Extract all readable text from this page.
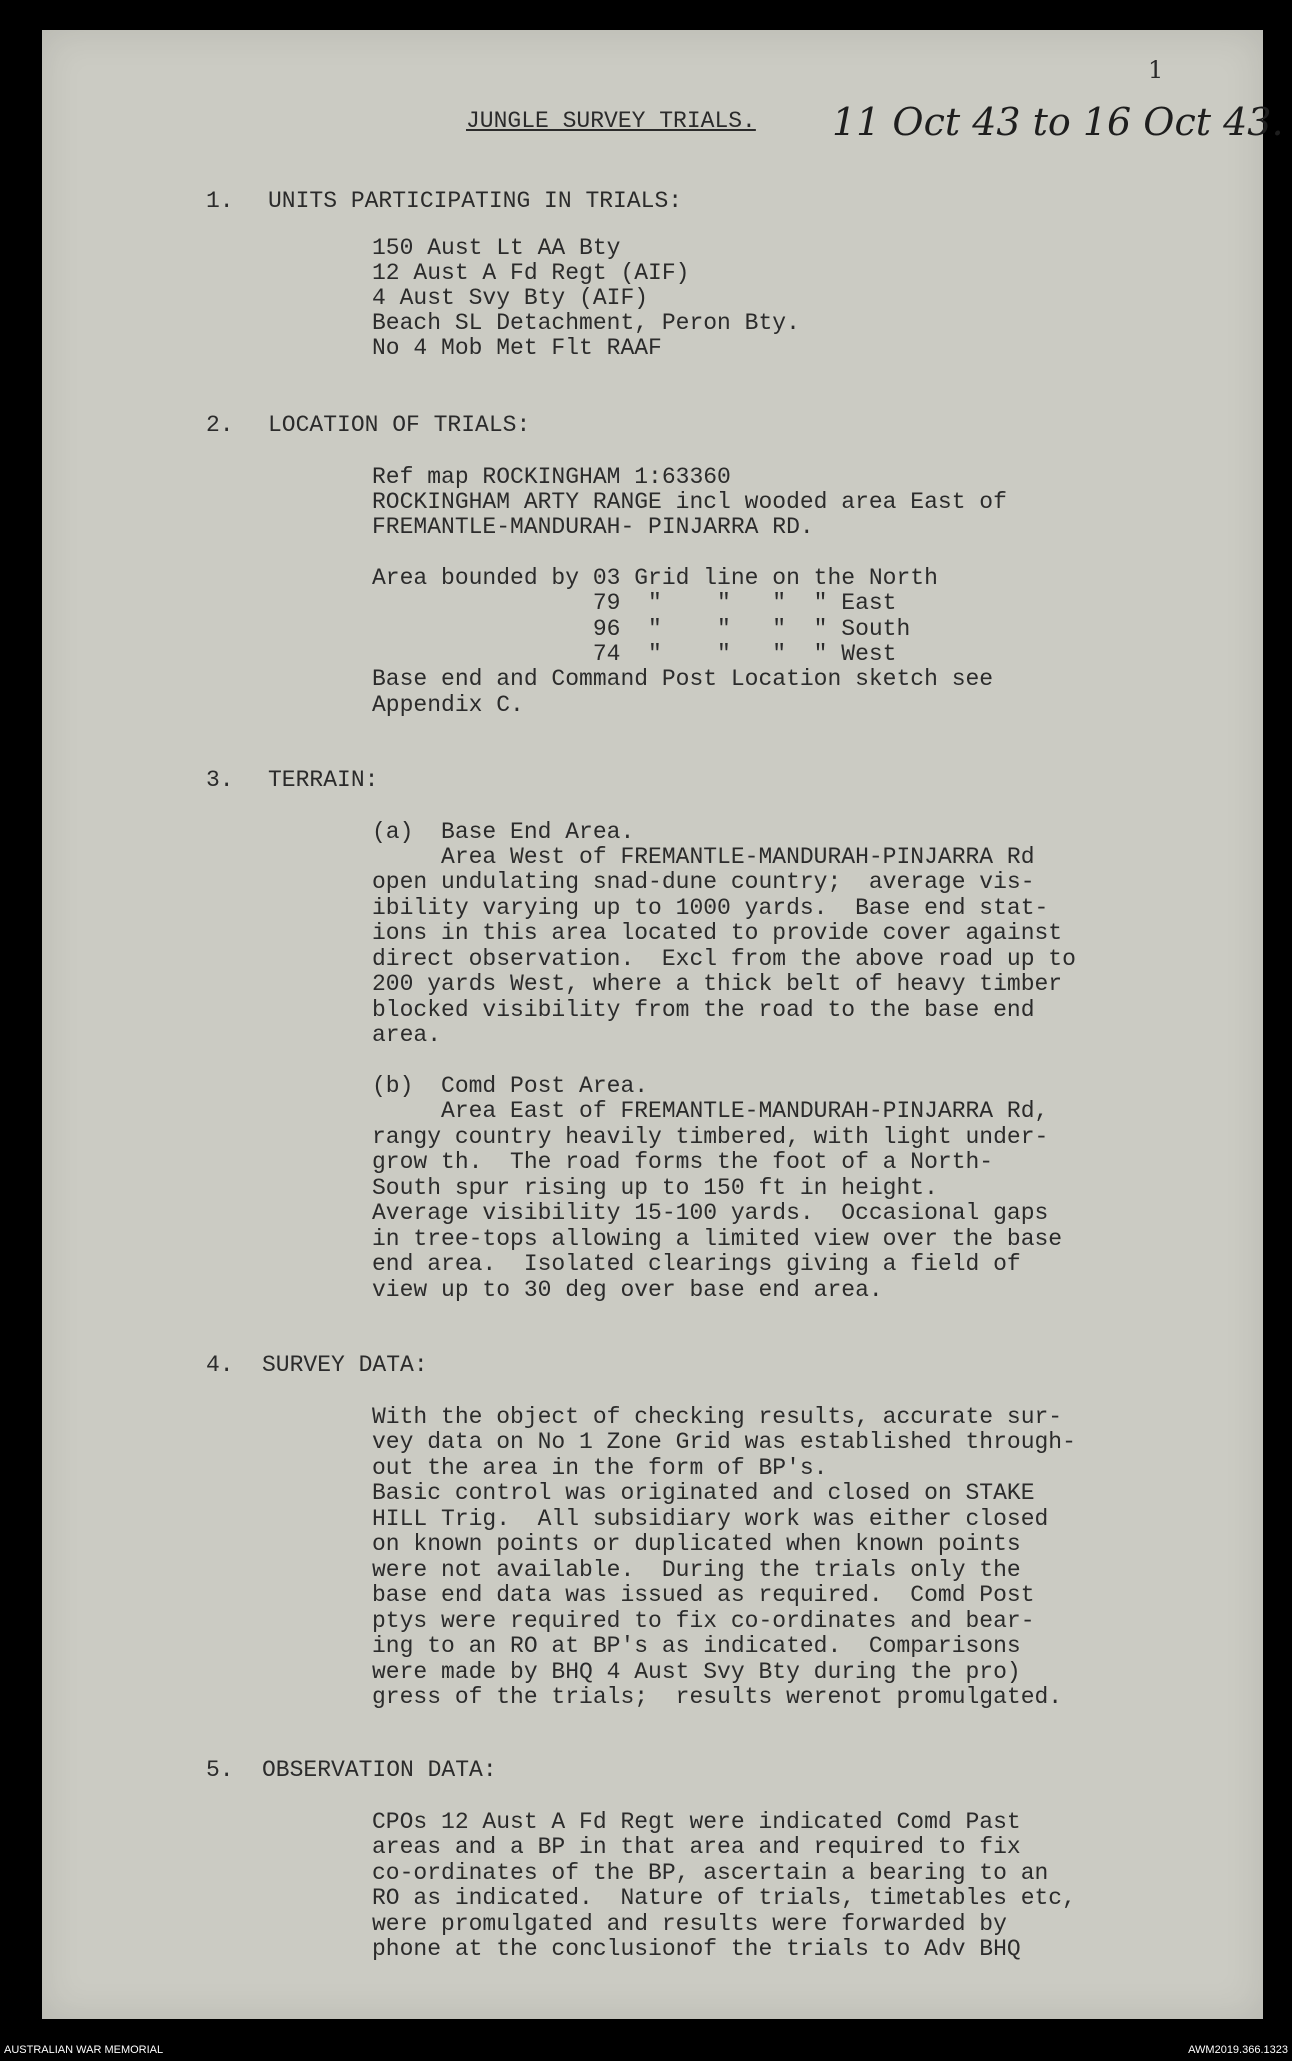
1
JUNGLE SURVEY TRIALS. 11 Oct 43 to 16 Oct 43.
1. UNITS PARTICIPATING IN TRIALS:
150 Aust Lt AA Bty
12 Aust A Fd Regt (AIF)
4 Aust Svy Bty (AIF)
Beach SL Detachment, Peron Bty.
No 4 Mob Met Flt RAAF
2. LOCATION OF TRIALS:
Ref map ROCKINGHAM 1:63360
ROCKINGHAM ARTY RANGE incl wooded area East of
FREMANTLE-MANDURAH- PINJARRA RD.
Area bounded by 03 Grid line on the North
79  "    "   "  " East
96  "    "   "  " South
74  "    "   "  " West
Base end and Command Post Location sketch see
Appendix C.
3. TERRAIN:
(a)  Base End Area.
Area West of FREMANTLE-MANDURAH-PINJARRA Rd
open undulating snad-dune country;  average vis-
ibility varying up to 1000 yards.  Base end stat-
ions in this area located to provide cover against
direct observation.  Excl from the above road up to
200 yards West, where a thick belt of heavy timber
blocked visibility from the road to the base end
area.
(b)  Comd Post Area.
Area East of FREMANTLE-MANDURAH-PINJARRA Rd,
rangy country heavily timbered, with light under-
grow th.  The road forms the foot of a North-
South spur rising up to 150 ft in height.
Average visibility 15-100 yards.  Occasional gaps
in tree-tops allowing a limited view over the base
end area.  Isolated clearings giving a field of
view up to 30 deg over base end area.
4. SURVEY DATA:
With the object of checking results, accurate sur-
vey data on No 1 Zone Grid was established through-
out the area in the form of BP's.
Basic control was originated and closed on STAKE
HILL Trig.  All subsidiary work was either closed
on known points or duplicated when known points
were not available.  During the trials only the
base end data was issued as required.  Comd Post
ptys were required to fix co-ordinates and bear-
ing to an RO at BP's as indicated.  Comparisons
were made by BHQ 4 Aust Svy Bty during the pro)
gress of the trials;  results werenot promulgated.
5. OBSERVATION DATA:
CPOs 12 Aust A Fd Regt were indicated Comd Past
areas and a BP in that area and required to fix
co-ordinates of the BP, ascertain a bearing to an
RO as indicated.  Nature of trials, timetables etc,
were promulgated and results were forwarded by
phone at the conclusionof the trials to Adv BHQ
AUSTRALIAN WAR MEMORIAL	AWM2019.366.1323
